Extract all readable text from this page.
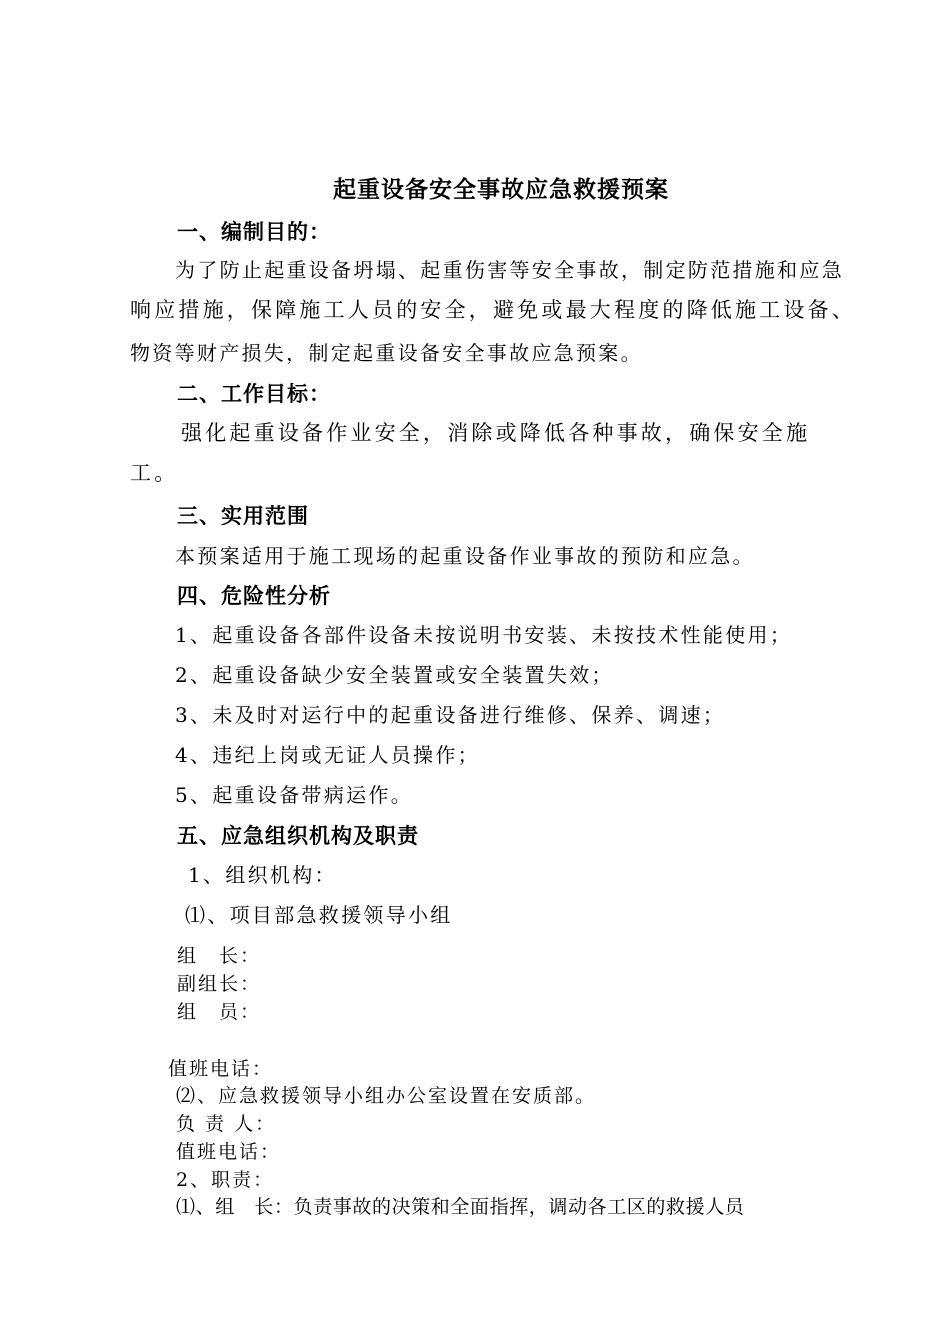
起重设备安全事故应急救援预案
一、编制目的：
为了防止起重设备坍塌、起重伤害等安全事故，制定防范措施和应急
响应措施，保障施工人员的安全，避免或最大程度的降低施工设备、
物资等财产损失，制定起重设备安全事故应急预案。
二、工作目标：
强化起重设备作业安全，消除或降低各种事故，确保安全施
工。
三、实用范围
本预案适用于施工现场的起重设备作业事故的预防和应急。
四、危险性分析
1、起重设备各部件设备未按说明书安装、未按技术性能使用；
2、起重设备缺少安全装置或安全装置失效；
3、未及时对运行中的起重设备进行维修、保养、调速；
4、违纪上岗或无证人员操作；
5、起重设备带病运作。
五、应急组织机构及职责
1、组织机构：
⑴、项目部急救援领导小组
组　长：
副组长：
组　员：
值班电话：
⑵、应急救援领导小组办公室设置在安质部。
负 责 人：
值班电话：
2、职责：
⑴、组　长：负责事故的决策和全面指挥，调动各工区的救援人员
